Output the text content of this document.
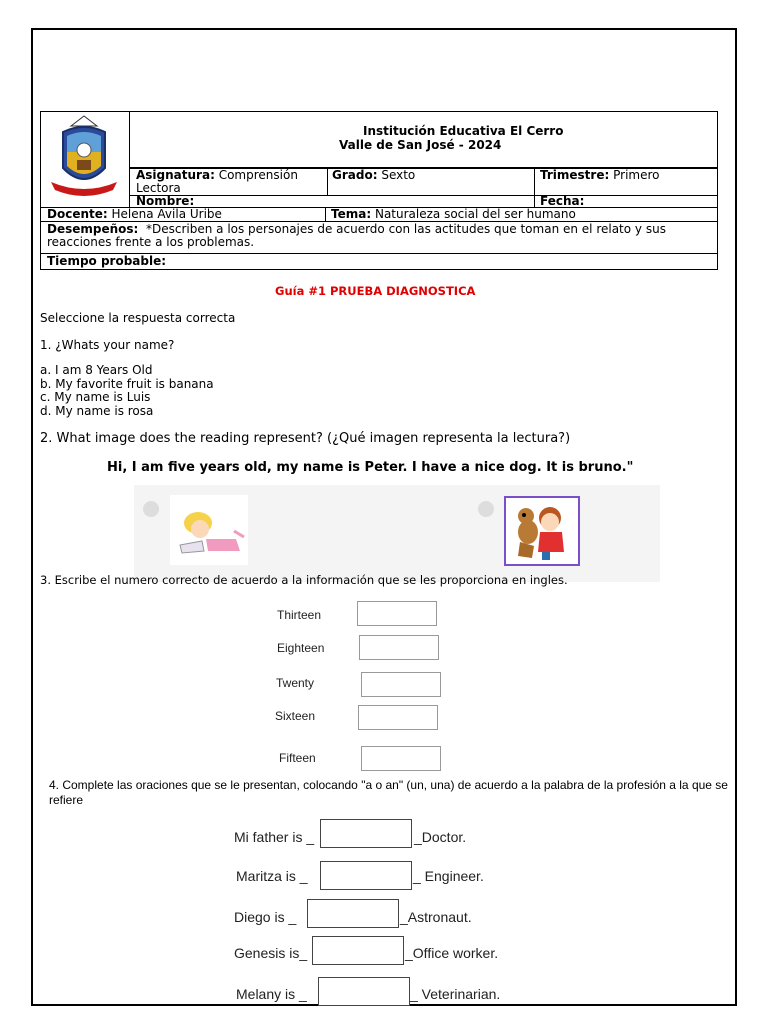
Institución Educativa El Cerro
Valle de San José - 2024
Asignatura: Comprensión Lectora
Grado: Sexto	Trimestre: Primero
Nombre:	Fecha:
Docente: Helena Avila Uribe	Tema: Naturaleza social del ser humano
Desempeños: *Describen a los personajes de acuerdo con las actitudes que toman en el relato y sus reacciones frente a los problemas.
Tiempo probable:
Guía #1 PRUEBA DIAGNOSTICA
Seleccione la respuesta correcta
1. ¿Whats your name?
a. I am 8 Years Old
b. My favorite fruit is banana
c. My name is Luis
d. My name is rosa
2. What image does the reading represent? (¿Qué imagen representa la lectura?)
Hi, I am five years old, my name is Peter. I have a nice dog. It is bruno."
3. Escribe el numero correcto de acuerdo a la información que se les proporciona en ingles.
Thirteen
Eighteen
Twenty
Sixteen
Fifteen
4. Complete las oraciones que se le presentan, colocando "a o an" (un, una) de acuerdo a la palabra de la profesión a la que se refiere
Mi father is _	_Doctor.
Maritza is _	_ Engineer.
Diego is _	_Astronaut.
Genesis is_	_Office worker.
Melany is _	_ Veterinarian.
